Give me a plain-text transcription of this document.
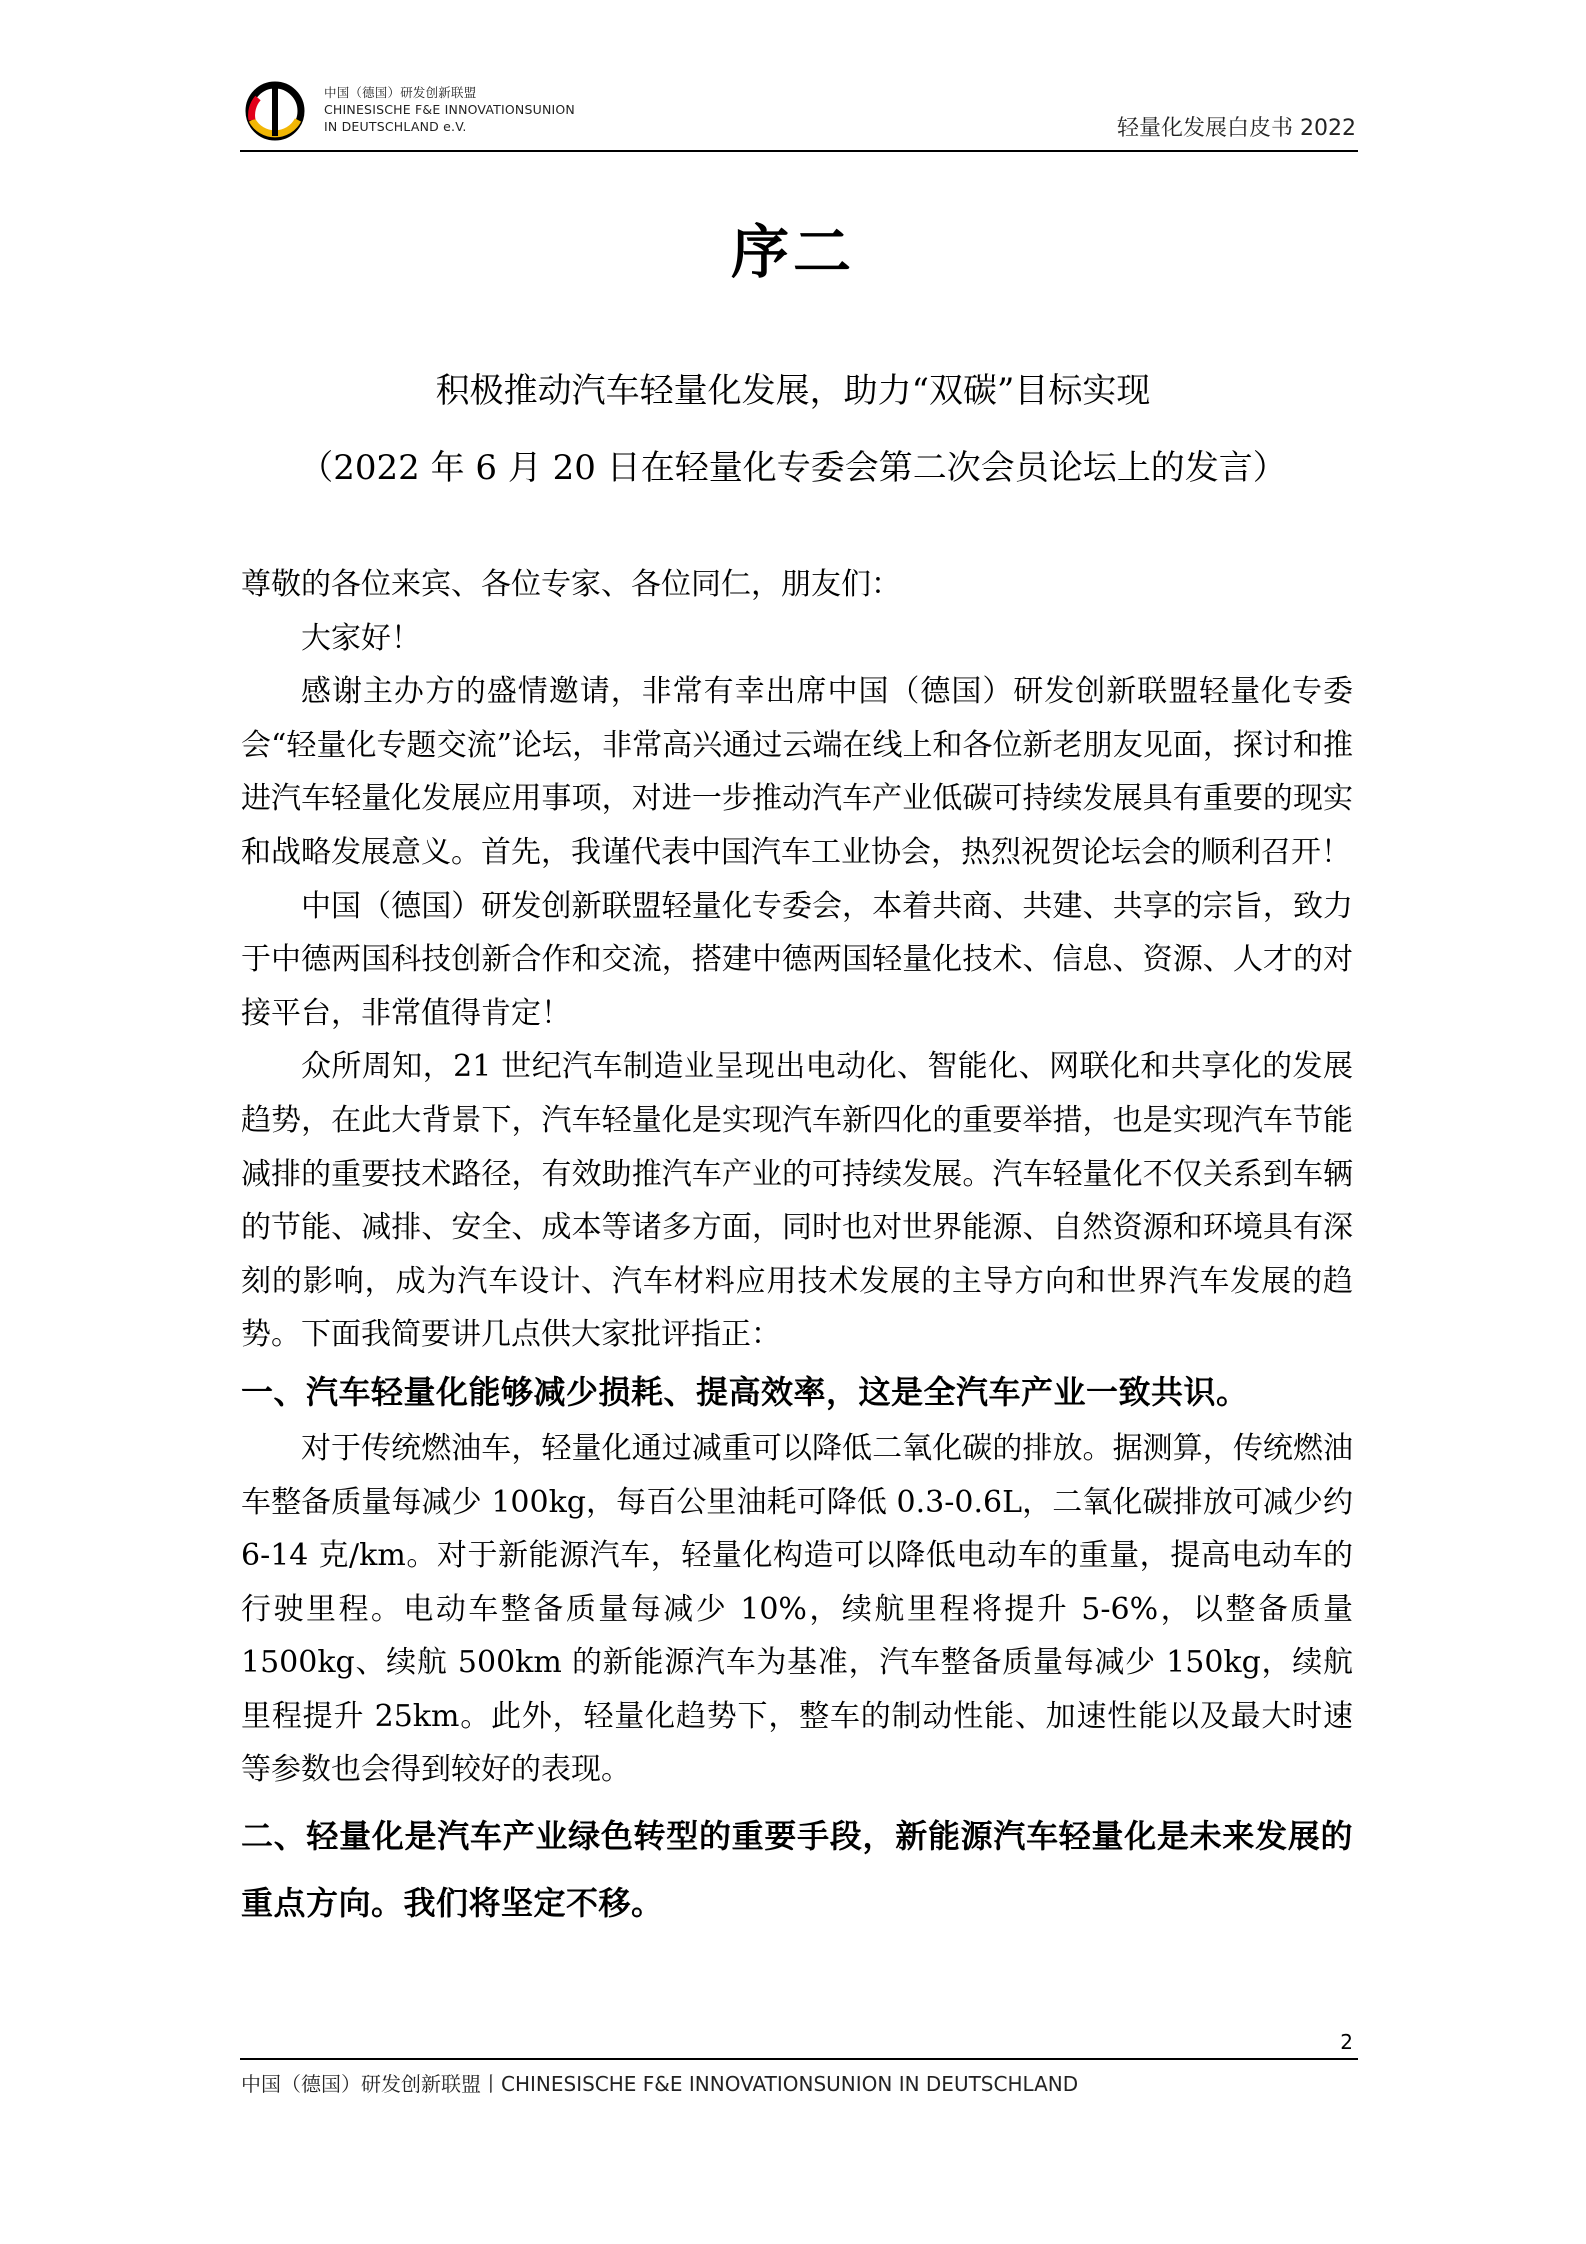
中国（德国）研发创新联盟
CHINESISCHE F&E INNOVATIONSUNION
IN DEUTSCHLAND e.V.	轻量化发展白皮书 2022
序二
积极推动汽车轻量化发展，助力“双碳”目标实现
（2022 年 6 月 20 日在轻量化专委会第二次会员论坛上的发言）

尊敬的各位来宾、各位专家、各位同仁，朋友们：

大家好！

感谢主办方的盛情邀请，非常有幸出席中国（德国）研发创新联盟轻量化专委会“轻量化专题交流”论坛，非常高兴通过云端在线上和各位新老朋友见面，探讨和推进汽车轻量化发展应用事项，对进一步推动汽车产业低碳可持续发展具有重要的现实和战略发展意义。首先，我谨代表中国汽车工业协会，热烈祝贺论坛会的顺利召开！

中国（德国）研发创新联盟轻量化专委会，本着共商、共建、共享的宗旨，致力于中德两国科技创新合作和交流，搭建中德两国轻量化技术、信息、资源、人才的对接平台，非常值得肯定！

众所周知，21 世纪汽车制造业呈现出电动化、智能化、网联化和共享化的发展趋势，在此大背景下，汽车轻量化是实现汽车新四化的重要举措，也是实现汽车节能减排的重要技术路径，有效助推汽车产业的可持续发展。汽车轻量化不仅关系到车辆的节能、减排、安全、成本等诸多方面，同时也对世界能源、自然资源和环境具有深刻的影响，成为汽车设计、汽车材料应用技术发展的主导方向和世界汽车发展的趋势。下面我简要讲几点供大家批评指正：

一、汽车轻量化能够减少损耗、提高效率，这是全汽车产业一致共识。

对于传统燃油车，轻量化通过减重可以降低二氧化碳的排放。据测算，传统燃油车整备质量每减少 100kg，每百公里油耗可降低 0.3-0.6L，二氧化碳排放可减少约 6-14 克/km。对于新能源汽车，轻量化构造可以降低电动车的重量，提高电动车的行驶里程。电动车整备质量每减少 10%，续航里程将提升 5-6%，以整备质量 1500kg、续航 500km 的新能源汽车为基准，汽车整备质量每减少 150kg，续航里程提升 25km。此外，轻量化趋势下，整车的制动性能、加速性能以及最大时速等参数也会得到较好的表现。

二、轻量化是汽车产业绿色转型的重要手段，新能源汽车轻量化是未来发展的重点方向。我们将坚定不移。
2
中国（德国）研发创新联盟丨CHINESISCHE F&E INNOVATIONSUNION IN DEUTSCHLAND
